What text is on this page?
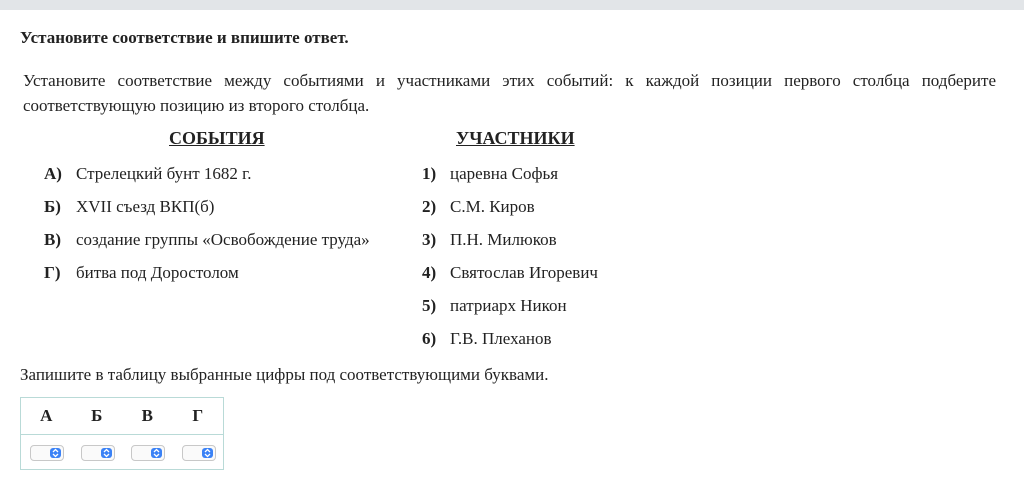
Установите соответствие и впишите ответ.
Установите соответствие между событиями и участниками этих событий: к каждой позиции первого столбца подберите соответствующую позицию из второго столбца.
СОБЫТИЯ	УЧАСТНИКИ
А) Стрелецкий бунт 1682 г.
Б) XVII съезд ВКП(б)
В) создание группы «Освобождение труда»
Г) битва под Доростолом
1) царевна Софья
2) С.М. Киров
3) П.Н. Милюков
4) Святослав Игоревич
5) патриарх Никон
6) Г.В. Плеханов
Запишите в таблицу выбранные цифры под соответствующими буквами.
А	Б	В	Г
